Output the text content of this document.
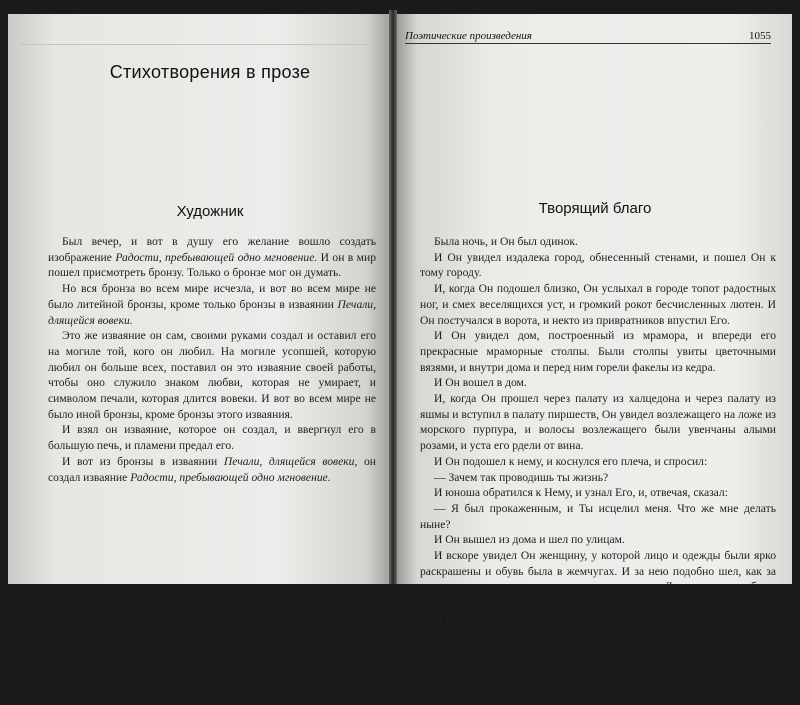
Стихотворения в прозе
Художник

Был вечер, и вот в душу его желание вошло создать изображение Радости, пребывающей одно мгновение. И он в мир пошел присмотреть бронзу. Только о бронзе мог он думать.

Но вся бронза во всем мире исчезла, и вот во всем мире не было литейной бронзы, кроме только бронзы в изваянии Печали, длящейся вовеки.

Это же изваяние он сам, своими руками создал и оставил его на могиле той, кого он любил. На могиле усопшей, которую любил он больше всех, поставил он это изваяние своей работы, чтобы оно служило знаком любви, которая не умирает, и символом печали, которая длится вовеки. И вот во всем мире не было иной бронзы, кроме бронзы этого изваяния.

И взял он изваяние, которое он создал, и ввергнул его в большую печь, и пламени предал его.

И вот из бронзы в изваянии Печали, длящейся вовеки, он создал изваяние Радости, пребывающей одно мгновение.

Поэтические произведения	1055
Творящий благо

Была ночь, и Он был одинок.

И Он увидел издалека город, обнесенный стенами, и пошел Он к тому городу.

И, когда Он подошел близко, Он услыхал в городе топот радостных ног, и смех веселящихся уст, и громкий рокот бесчисленных лютен. И Он постучался в ворота, и некто из привратников впустил Его.

И Он увидел дом, построенный из мрамора, и впереди его прекрасные мраморные столпы. Были столпы увиты цветочными вязями, и внутри дома и перед ним горели факелы из кедра.

И Он вошел в дом.

И, когда Он прошел через палату из халцедона и через палату из яшмы и вступил в палату пиршеств, Он увидел возлежащего на ложе из морского пурпура, и волосы возлежащего были увенчаны алыми розами, и уста его рдели от вина.

И Он подошел к нему, и коснулся его плеча, и спросил:

— Зачем так проводишь ты жизнь?

И юноша обратился к Нему, и узнал Его, и, отвечая, сказал:

— Я был прокаженным, и Ты исцелил меня. Что же мне делать ныне?

И Он вышел из дома и шел по улицам.

И вскоре увидел Он женщину, у которой лицо и одежды были ярко раскрашены и обувь была в жемчугах. И за нею подобно шел, как за охотником пес, юноша в двухцветном плаще. Лицо женщины было подобно прекрасному лицу кумира, и глаза юноши пылали страстью.

И Он поспешил за ними, и коснулся руки этого юноши, и спросил его:

— Зачем ты смотришь так на эту женщину?

И юноша обратился к Нему, и узнал Его, и сказал:

— Я был слепым, и Ты даровал мне зрение. На что же мне еще смотреть?
